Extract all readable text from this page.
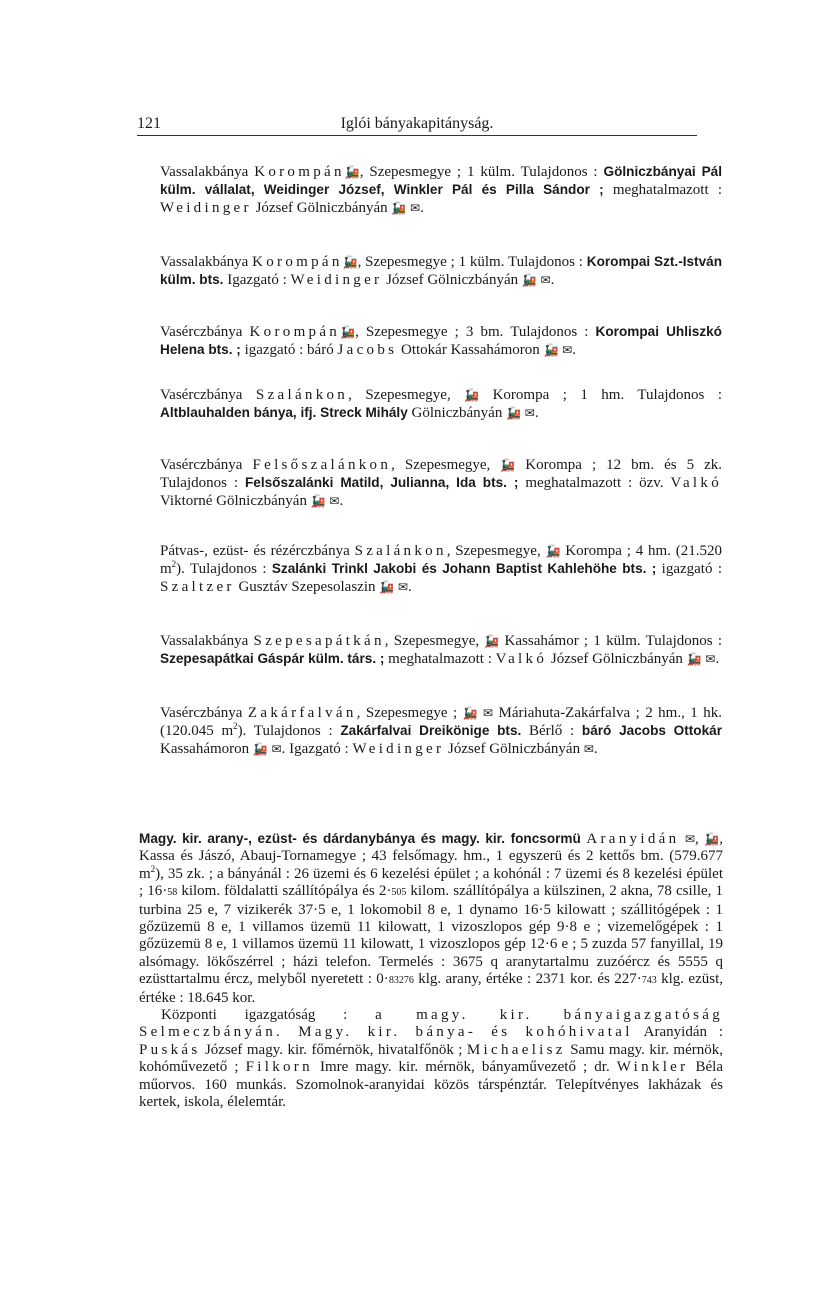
121	Iglói bányakapitányság.

Vassalakbánya Korompán🚂, Szepesmegye ; 1 külm. Tulajdonos : Gölniczbányai Pál külm. vállalat, Weidinger József, Winkler Pál és Pilla Sándor ; meghatalmazott : Weidinger József Gölniczbányán 🚂 ✉.

Vassalakbánya Korompán🚂, Szepesmegye ; 1 külm. Tulajdonos : Korompai Szt.-István külm. bts. Igazgató : Weidinger József Gölniczbányán 🚂 ✉.

Vasérczbánya Korompán🚂, Szepesmegye ; 3 bm. Tulajdonos : Korompai Uhliszkó Helena bts. ; igazgató : báró Jacobs Ottokár Kassahámoron 🚂 ✉.

Vasérczbánya Szalánkon, Szepesmegye, 🚂 Korompa ; 1 hm. Tulajdonos : Altblauhalden bánya, ifj. Streck Mihály Gölniczbányán 🚂 ✉.

Vasérczbánya Felsőszalánkon, Szepesmegye, 🚂 Korompa ; 12 bm. és 5 zk. Tulajdonos : Felsőszalánki Matild, Julianna, Ida bts. ; meghatalmazott : özv. Valkó Viktorné Gölniczbányán 🚂 ✉.

Pátvas-, ezüst- és rézérczbánya Szalánkon, Szepesmegye, 🚂 Korompa ; 4 hm. (21.520 $m^2$). Tulajdonos : Szalánki Trinkl Jakobi és Johann Baptist Kahlehöhe bts. ; igazgató : Szaltzer Gusztáv Szepesolaszin 🚂 ✉.

Vassalakbánya Szepesapátkán, Szepesmegye, 🚂 Kassahámor ; 1 külm. Tulajdonos : Szepesapátkai Gáspár külm. társ. ; meghatalmazott : Valkó József Gölniczbányán 🚂 ✉.

Vasérczbánya Zakárfalván, Szepesmegye ; 🚂 ✉ Máriahuta-Zakárfalva ; 2 hm., 1 hk. (120.045 $m^2$). Tulajdonos : Zakárfalvai Dreikönige bts. Bérlő : báró Jacobs Ottokár Kassahámoron 🚂 ✉. Igazgató : Weidinger József Gölniczbányán ✉.

Magy. kir. arany-, ezüst- és dárdanybánya és magy. kir. foncsormü Aranyidán ✉, 🚂, Kassa és Jászó, Abauj-Tornamegye ; 43 felsőmagy. hm., 1 egyszerü és 2 kettős bm. (579.677 $m^2$), 35 zk. ; a bányánál : 26 üzemi és 6 kezelési épület ; a kohónál : 7 üzemi és 8 kezelési épület ; 16·58 kilom. földalatti szállítópálya és 2·505 kilom. szállítópálya a külszinen, 2 akna, 78 csille, 1 turbina 25 e, 7 vizikerék 37·5 e, 1 lokomobil 8 e, 1 dynamo 16·5 kilowatt ; szállitógépek : 1 gőzüzemü 8 e, 1 villamos üzemü 11 kilowatt, 1 vizoszlopos gép 9·8 e ; vizemelőgépek : 1 gőzüzemü 8 e, 1 villamos üzemü 11 kilowatt, 1 vizoszlopos gép 12·6 e ; 5 zuzda 57 fanyillal, 19 alsómagy. lökőszérrel ; házi telefon. Termelés : 3675 q aranytartalmu zuzóércz és 5555 q ezüsttartalmu ércz, melyből nyeretett : 0·83276 klg. arany, értéke : 2371 kor. és 227·743 klg. ezüst, értéke : 18.645 kor.

Központi igazgatóság : a magy. kir. bányaigazgatóság Selmeczbányán. Magy. kir. bánya- és kohóhivatal Aranyidán : Puskás József magy. kir. főmérnök, hivatalfőnök ; Michaelisz Samu magy. kir. mérnök, kohóművezető ; Filkorn Imre magy. kir. mérnök, bányaművezető ; dr. Winkler Béla műorvos. 160 munkás. Szomolnok-aranyidai közös társpénztár. Telepítvényes lakházak és kertek, iskola, élelemtár.
